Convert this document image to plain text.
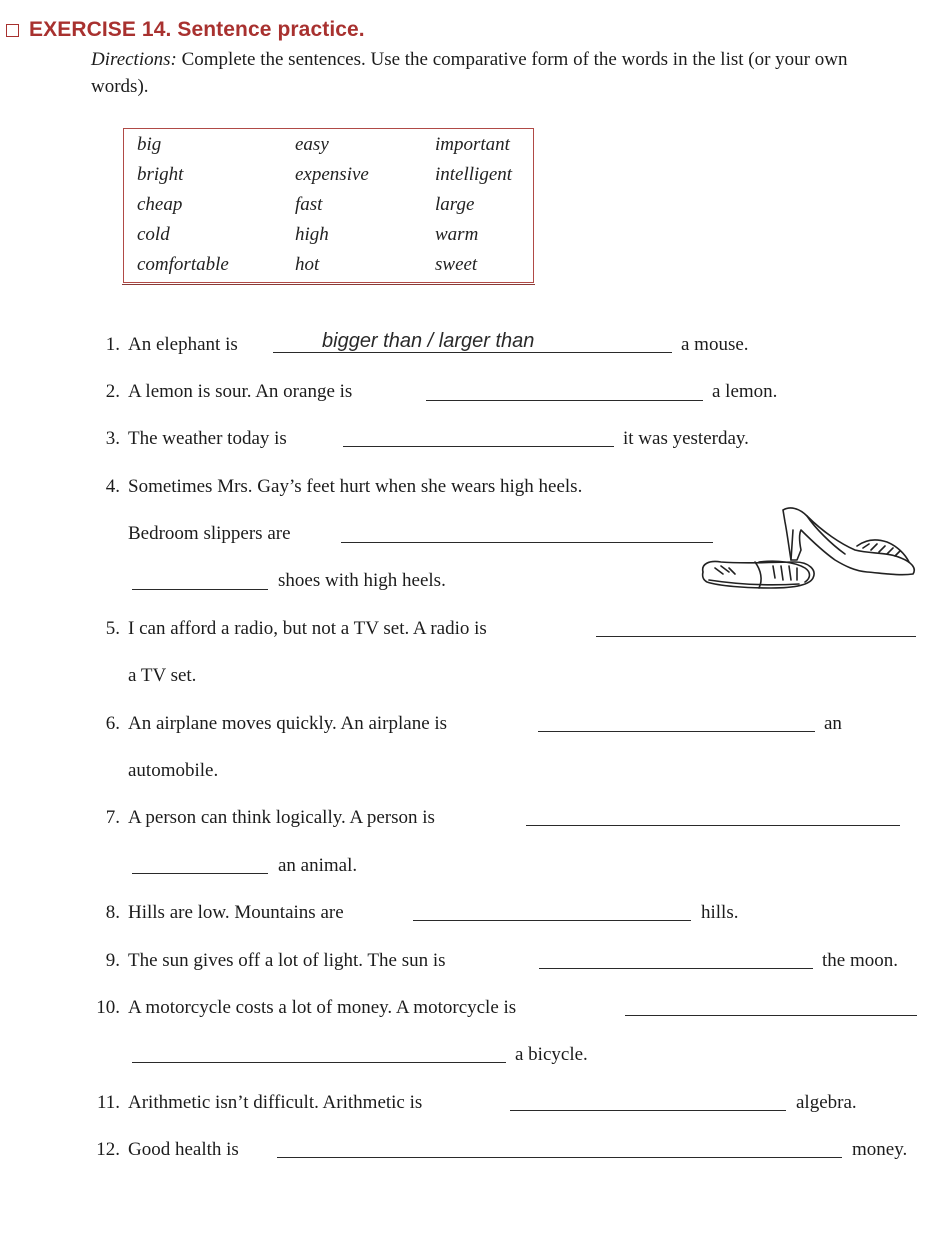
EXERCISE 14. Sentence practice.
Directions: Complete the sentences. Use the comparative form of the words in the list (or your own words).
big	easy	important
bright	expensive	intelligent
cheap	fast	large
cold	high	warm
comfortable	hot	sweet
1. An elephant is	bigger than / larger than	a mouse.
2. A lemon is sour. An orange is	a lemon.
3. The weather today is	it was yesterday.
4. Sometimes Mrs. Gay’s feet hurt when she wears high heels.
Bedroom slippers are
shoes with high heels.
5. I can afford a radio, but not a TV set. A radio is
a TV set.
6. An airplane moves quickly. An airplane is	an
automobile.
7. A person can think logically. A person is
an animal.
8. Hills are low. Mountains are	hills.
9. The sun gives off a lot of light. The sun is	the moon.
10. A motorcycle costs a lot of money. A motorcycle is
a bicycle.
11. Arithmetic isn’t difficult. Arithmetic is	algebra.
12. Good health is	money.
